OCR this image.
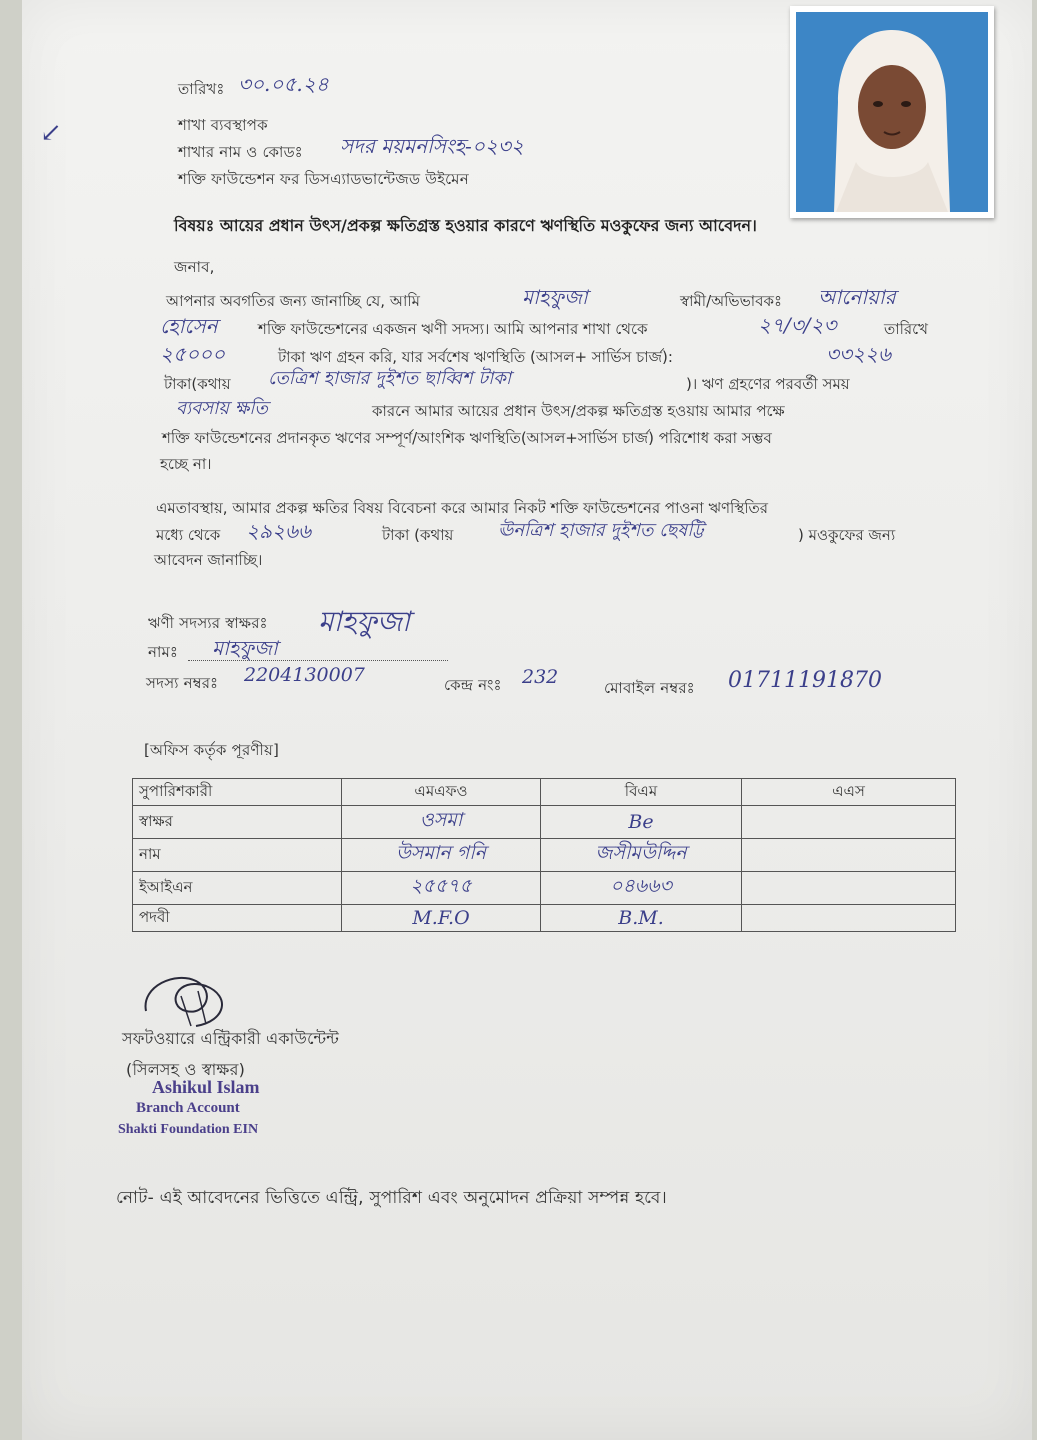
তারিখঃ ৩০.০৫.২৪
↙	শাখা ব্যবস্থাপক
শাখার নাম ও কোডঃ সদর ময়মনসিংহ-০২৩২
শক্তি ফাউন্ডেশন ফর ডিসএ্যাডভান্টেজড উইমেন
বিষয়ঃ আয়ের প্রধান উৎস/প্রকল্প ক্ষতিগ্রস্ত হওয়ার কারণে ঋণস্থিতি মওকুফের জন্য আবেদন।
জনাব,
আপনার অবগতির জন্য জানাচ্ছি যে, আমি	মাহফুজা	স্বামী/অভিভাবকঃ আনোয়ার
হোসেন	শক্তি ফাউন্ডেশনের একজন ঋণী সদস্য। আমি আপনার শাখা থেকে	২৭/৩/২৩	তারিখে
২৫০০০	টাকা ঋণ গ্রহন করি, যার সর্বশেষ ঋণস্থিতি (আসল+ সার্ভিস চার্জ):	৩৩২২৬
টাকা(কথায় তেত্রিশ হাজার দুইশত ছাব্বিশ টাকা	)। ঋণ গ্রহণের পরবর্তী সময়
ব্যবসায় ক্ষতি	কারনে আমার আয়ের প্রধান উৎস/প্রকল্প ক্ষতিগ্রস্ত হওয়ায় আমার পক্ষে
শক্তি ফাউন্ডেশনের প্রদানকৃত ঋণের সম্পূর্ণ/আংশিক ঋণস্থিতি(আসল+সার্ভিস চার্জ) পরিশোধ করা সম্ভব
হচ্ছে না।
এমতাবস্থায়, আমার প্রকল্প ক্ষতির বিষয় বিবেচনা করে আমার নিকট শক্তি ফাউন্ডেশনের পাওনা ঋণস্থিতির
মধ্যে থেকে ২৯২৬৬	টাকা (কথায় ঊনত্রিশ হাজার দুইশত ছেষট্টি	) মওকুফের জন্য
আবেদন জানাচ্ছি।
ঋণী সদস্যর স্বাক্ষরঃ মাহফুজা
নামঃ মাহফুজা
সদস্য নম্বরঃ 2204130007	কেন্দ্র নংঃ 232	মোবাইল নম্বরঃ 01711191870
[অফিস কর্তৃক পূরণীয়]
সুপারিশকারী	এমএফও	বিএম	এএস
স্বাক্ষর	ওসমা	Be	
নাম	উসমান গনি	জসীমউদ্দিন	
ইআইএন	২৫৫৭৫	০৪৬৬৩	
পদবী	M.F.O	B.M.	
সফটওয়ারে এন্ট্রিকারী একাউন্টেন্ট
(সিলসহ ও স্বাক্ষর)
Ashikul Islam
Branch Account
Shakti Foundation EIN
নোট- এই আবেদনের ভিত্তিতে এন্ট্রি, সুপারিশ এবং অনুমোদন প্রক্রিয়া সম্পন্ন হবে।
